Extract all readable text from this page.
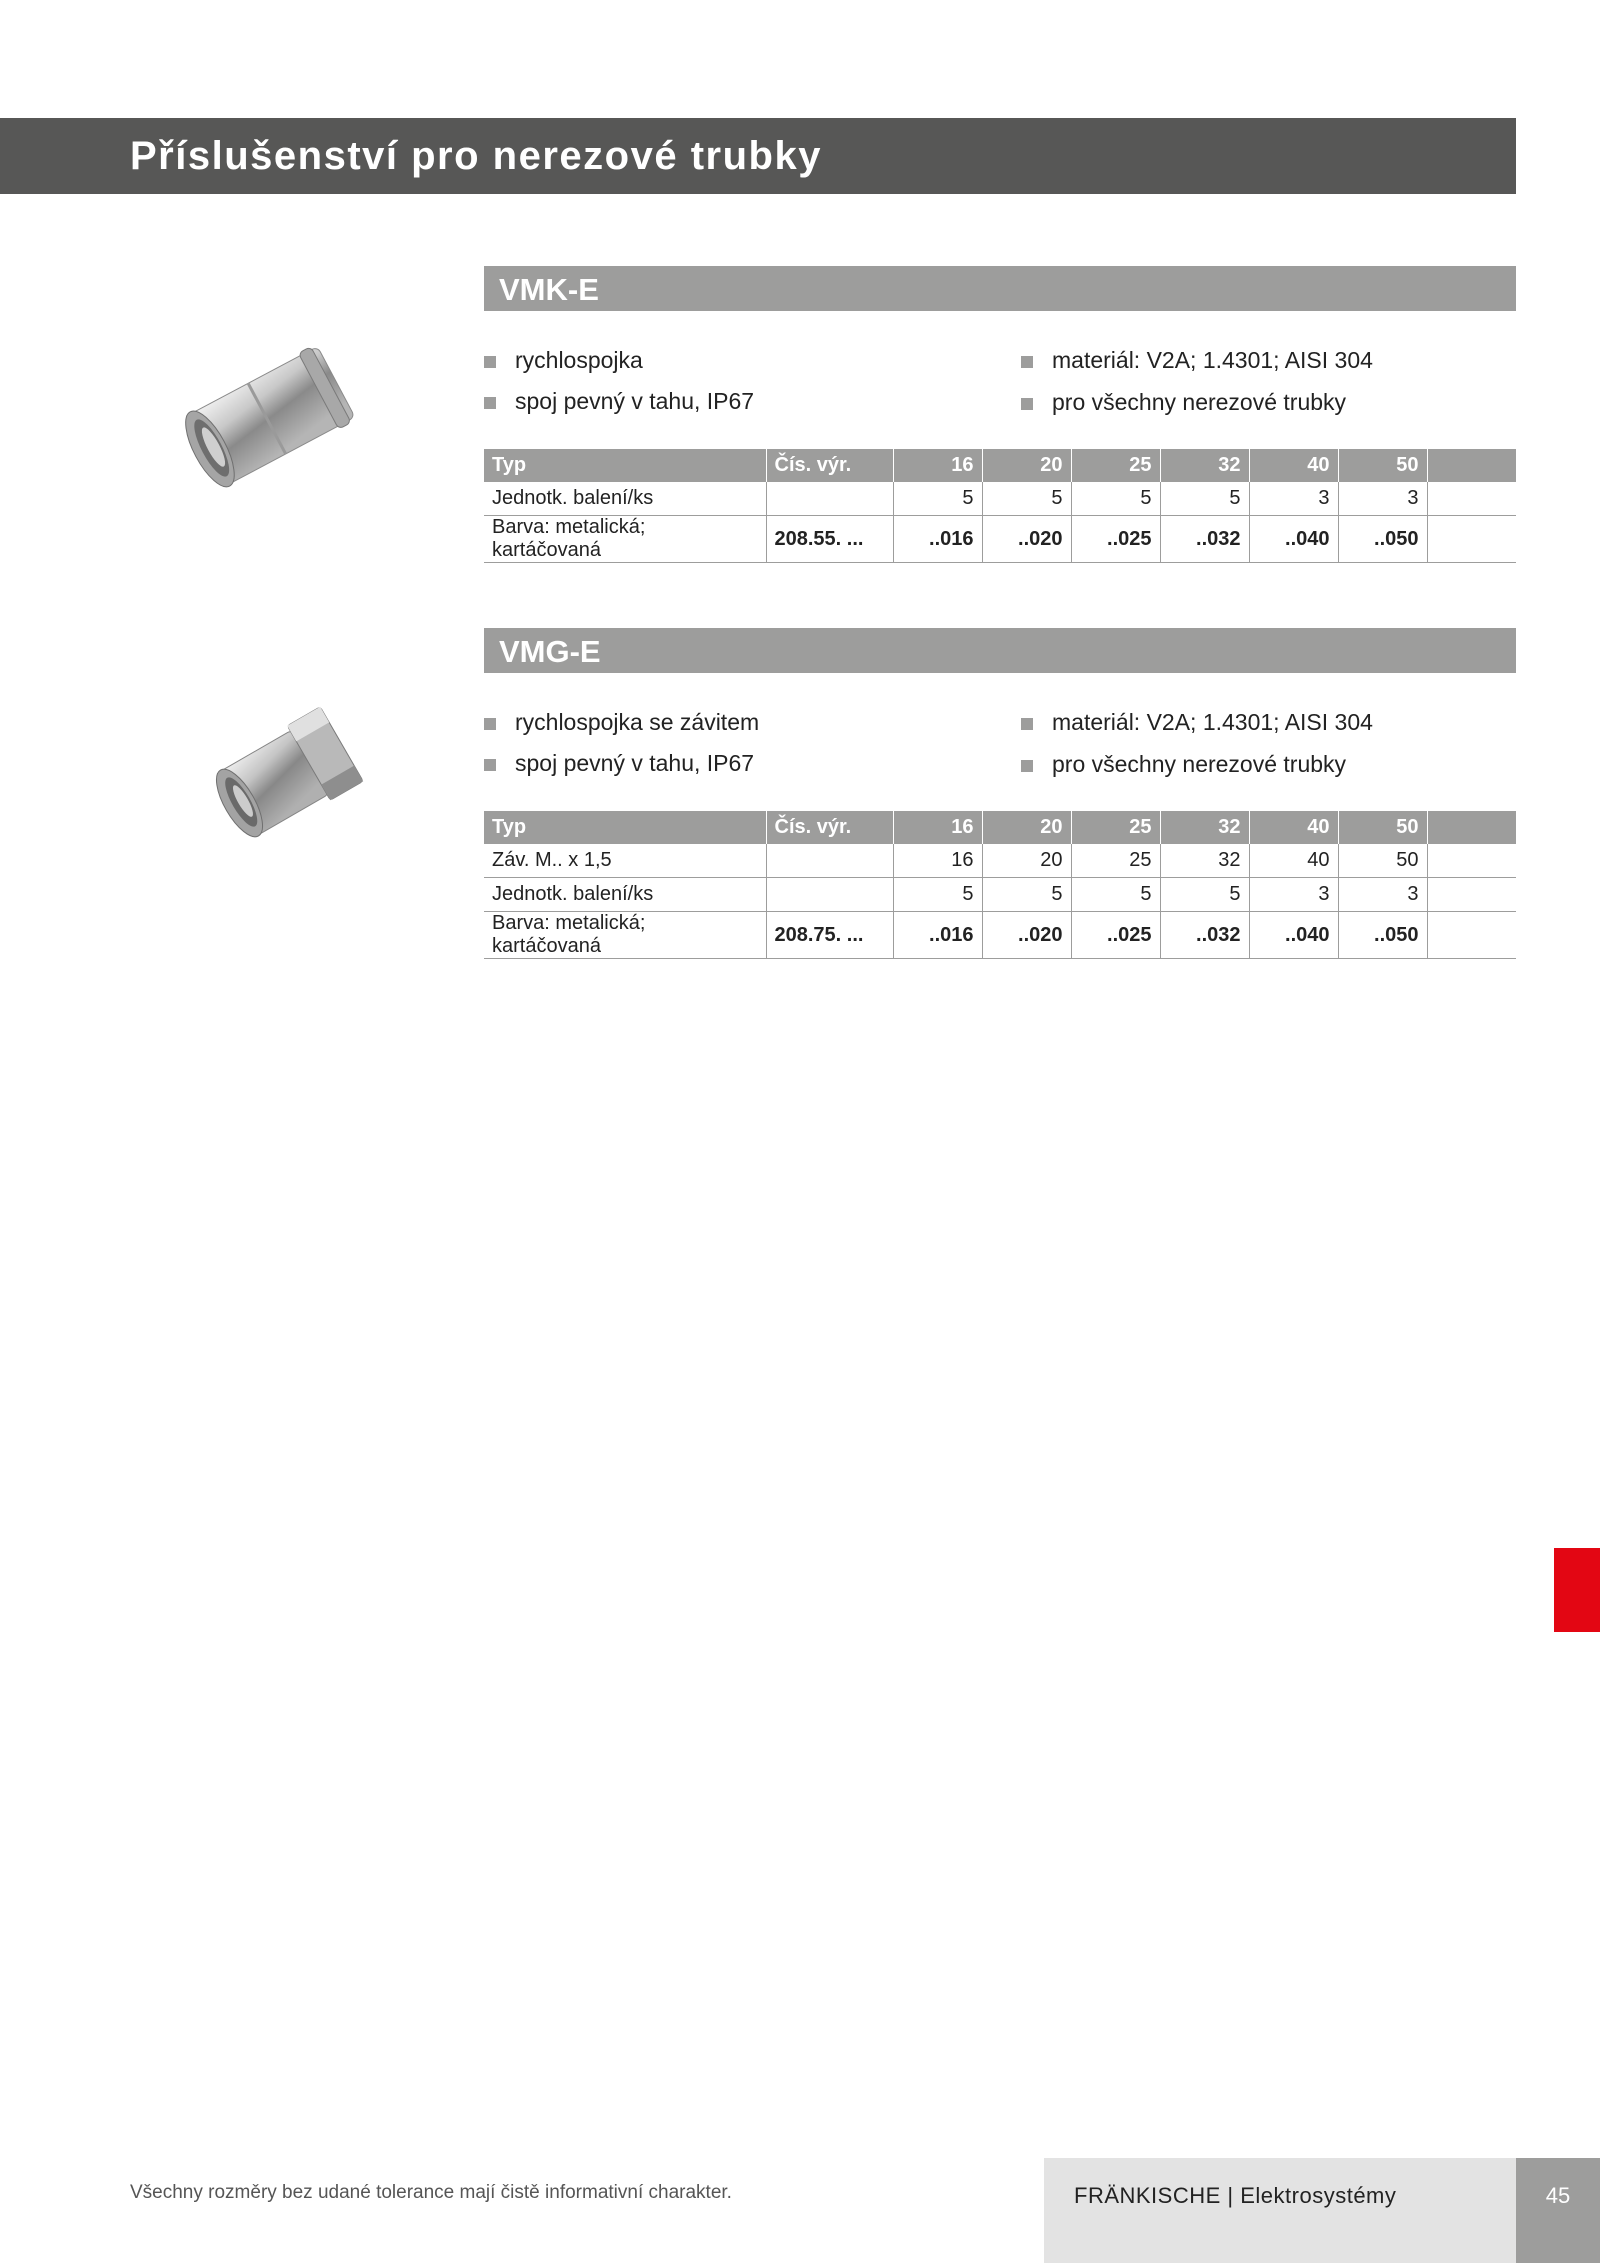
Příslušenství pro nerezové trubky
VMK-E
rychlospojka
spoj pevný v tahu, IP67
materiál: V2A; 1.4301; AISI 304
pro všechny nerezové trubky
Typ	Čís. výr.	16	20	25	32	40	50	
Jednotk. balení/ks		5	5	5	5	3	3	
Barva: metalická; kartáčovaná	208.55. ...	..016	..020	..025	..032	..040	..050	
VMG-E
rychlospojka se závitem
spoj pevný v tahu, IP67
materiál: V2A; 1.4301; AISI 304
pro všechny nerezové trubky
Typ	Čís. výr.	16	20	25	32	40	50	
Záv. M.. x 1,5		16	20	25	32	40	50	
Jednotk. balení/ks		5	5	5	5	3	3	
Barva: metalická; kartáčovaná	208.75. ...	..016	..020	..025	..032	..040	..050	
Všechny rozměry bez udané tolerance mají čistě informativní charakter.	FRÄNKISCHE | Elektrosystémy	45
